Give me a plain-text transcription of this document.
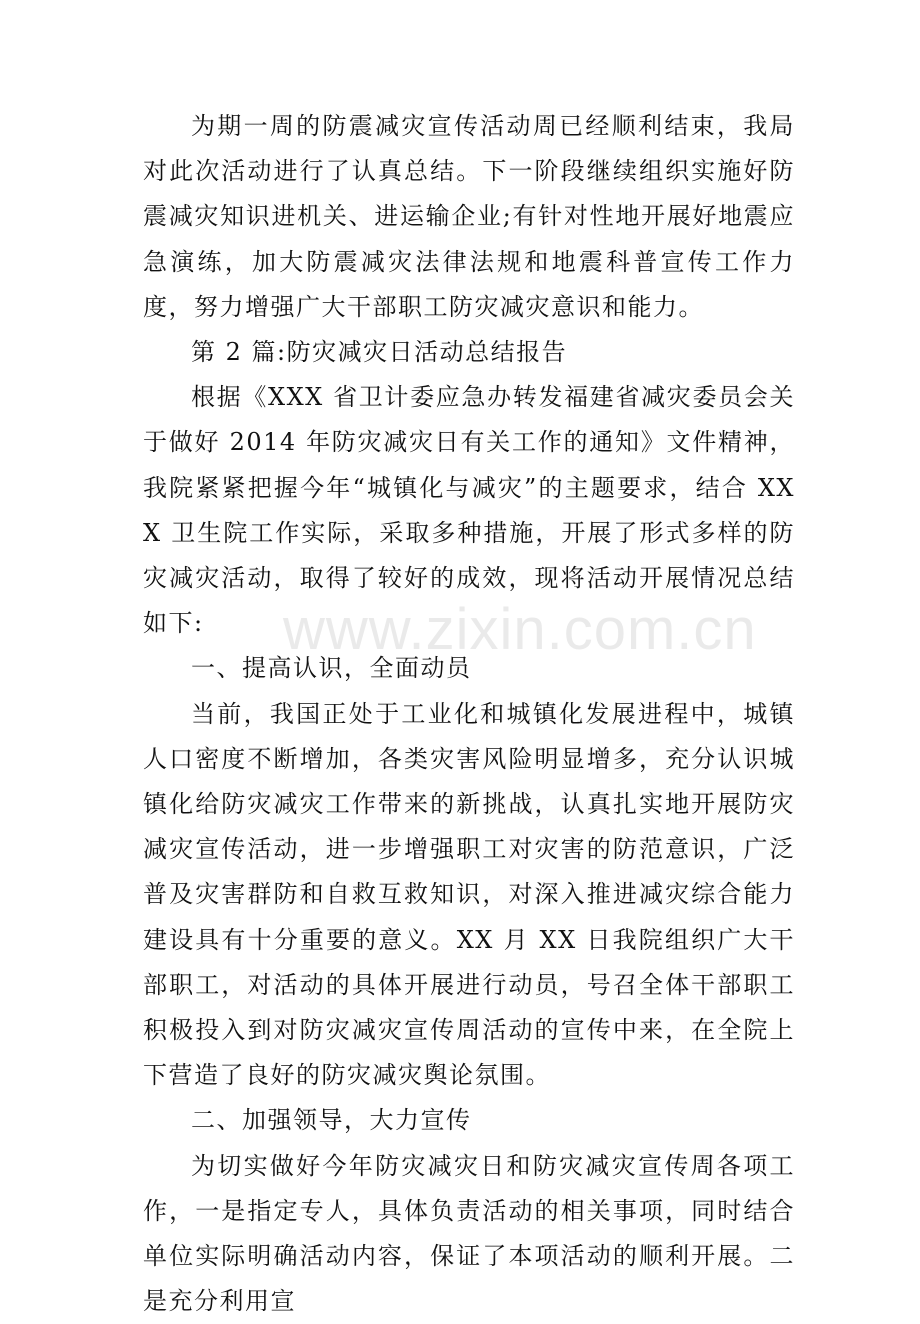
为期一周的防震减灾宣传活动周已经顺利结束，我局对此次活动进行了认真总结。下一阶段继续组织实施好防震减灾知识进机关、进运输企业;有针对性地开展好地震应急演练，加大防震减灾法律法规和地震科普宣传工作力度，努力增强广大干部职工防灾减灾意识和能力。

第 2 篇:防灾减灾日活动总结报告

根据《XXX 省卫计委应急办转发福建省减灾委员会关于做好 2014 年防灾减灾日有关工作的通知》文件精神，我院紧紧把握今年“城镇化与减灾”的主题要求，结合 XXX 卫生院工作实际，采取多种措施，开展了形式多样的防灾减灾活动，取得了较好的成效，现将活动开展情况总结如下:

一、提高认识，全面动员

当前，我国正处于工业化和城镇化发展进程中，城镇人口密度不断增加，各类灾害风险明显增多，充分认识城镇化给防灾减灾工作带来的新挑战，认真扎实地开展防灾减灾宣传活动，进一步增强职工对灾害的防范意识，广泛普及灾害群防和自救互救知识，对深入推进减灾综合能力建设具有十分重要的意义。XX 月 XX 日我院组织广大干部职工，对活动的具体开展进行动员，号召全体干部职工积极投入到对防灾减灾宣传周活动的宣传中来，在全院上下营造了良好的防灾减灾舆论氛围。

二、加强领导，大力宣传

为切实做好今年防灾减灾日和防灾减灾宣传周各项工作，一是指定专人，具体负责活动的相关事项，同时结合单位实际明确活动内容，保证了本项活动的顺利开展。二是充分利用宣

www.zixin.com.cn
